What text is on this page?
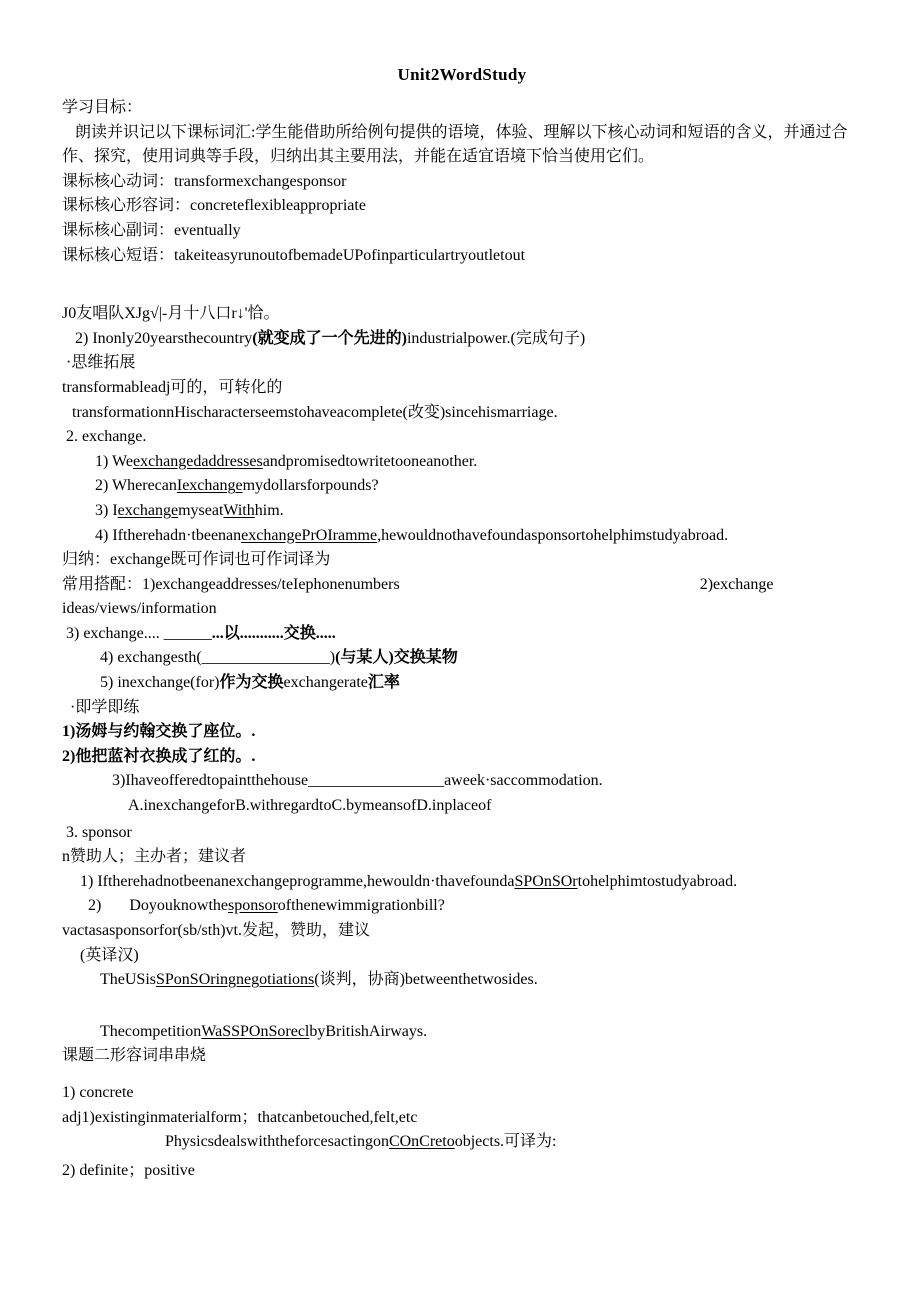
Unit2WordStudy
学习目标：
朗读并识记以下课标词汇:学生能借助所给例句提供的语境，体验、理解以下核心动词和短语的含义，并通过合
作、探究，使用词典等手段，归纳出其主要用法，并能在适宜语境下恰当使用它们。
课标核心动词：transformexchangesponsor
课标核心形容词：concreteflexibleappropriate
课标核心副词：eventually
课标核心短语：takeiteasyrunoutofbemadeUPofinparticulartryoutletout
J0友唱队XJg√|-月十八口r↓'恰。
2) Inonly20yearsthecountry(就变成了一个先进的)industrialpower.(完成句子)
·思维拓展
transformableadj可的，可转化的
transformationnHischaracterseemstohaveacomplete(改变)sincehismarriage.
2. exchange.
1) Weexchangedaddressesandpromisedtowritetooneanother.
2) WherecanIexchangemydollarsforpounds?
3) IexchangemyseatWithhim.
4) Iftherehadn·tbeenanexchangePrOIramme,hewouldnothavefoundasponsortohelphimstudyabroad.
归纳：exchange既可作词也可作词译为
常用搭配：1)exchangeaddresses/teIephonenumbers	2)exchange
ideas/views/information
3) exchange.... ______...以...........交换.....
4) exchangesth(________________)(与某人)交换某物
5) inexchange(for)作为交换exchangerate汇率
·即学即练
1)汤姆与约翰交换了座位。.
2)他把蓝衬衣换成了红的。.
3)Ihaveofferedtopaintthehouse_________________aweek·saccommodation.
A.inexchangeforB.withregardtoC.bymeansofD.inplaceof
3. sponsor
n赞助人；主办者；建议者
1) Iftherehadnotbeenanexchangeprogramme,hewouldn·thavefoundaSPOnSOrtohelphimtostudyabroad.
2) Doyouknowthesponsorofthenewimmigrationbill?
vactasasponsorfor(sb/sth)vt.发起，赞助，建议
(英译汉)
TheUSisSPonSOringnegotiations(谈判，协商)betweenthetwosides.
ThecompetitionWaSSPOnSoreclbyBritishAirways.
课题二形容词串串烧
1) concrete
adj1)existinginmaterialform；thatcanbetouched,felt,etc
PhysicsdealswiththeforcesactingonCOnCretoobjects.可译为:
2) definite；positive
